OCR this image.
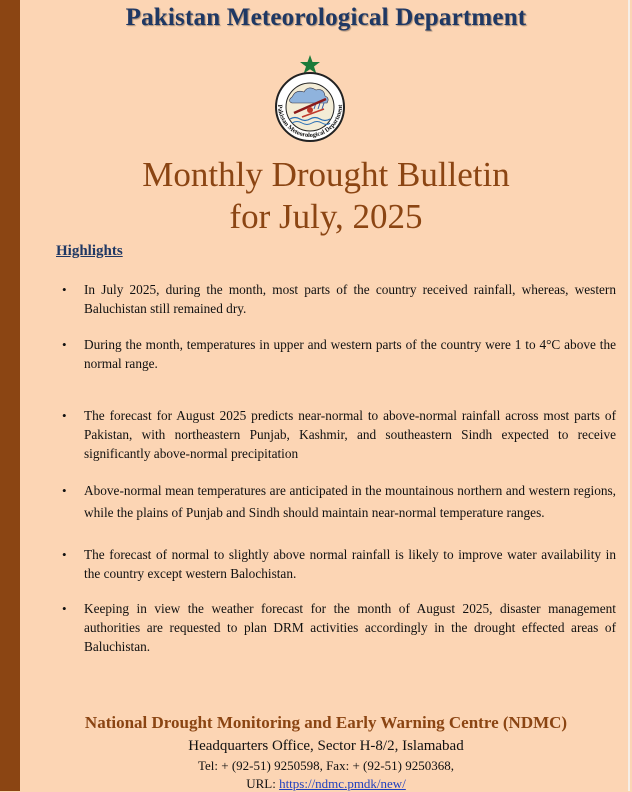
Pakistan Meteorological Department
Pakistan Meteorological Department
Monthly Drought Bulletin
for July, 2025
Highlights
• In July 2025, during the month, most parts of the country received rainfall, whereas, western Baluchistan still remained dry.
• During the month, temperatures in upper and western parts of the country were 1 to 4°C above the normal range.
• The forecast for August 2025 predicts near-normal to above-normal rainfall across most parts of Pakistan, with northeastern Punjab, Kashmir, and southeastern Sindh expected to receive significantly above-normal precipitation
• Above-normal mean temperatures are anticipated in the mountainous northern and western regions, while the plains of Punjab and Sindh should maintain near-normal temperature ranges.
• The forecast of normal to slightly above normal rainfall is likely to improve water availability in the country except western Balochistan.
• Keeping in view the weather forecast for the month of August 2025, disaster management authorities are requested to plan DRM activities accordingly in the drought effected areas of Baluchistan.
National Drought Monitoring and Early Warning Centre (NDMC)
Headquarters Office, Sector H-8/2, Islamabad
Tel: + (92-51) 9250598, Fax: + (92-51) 9250368,
URL: https://ndmc.pmdk/new/
